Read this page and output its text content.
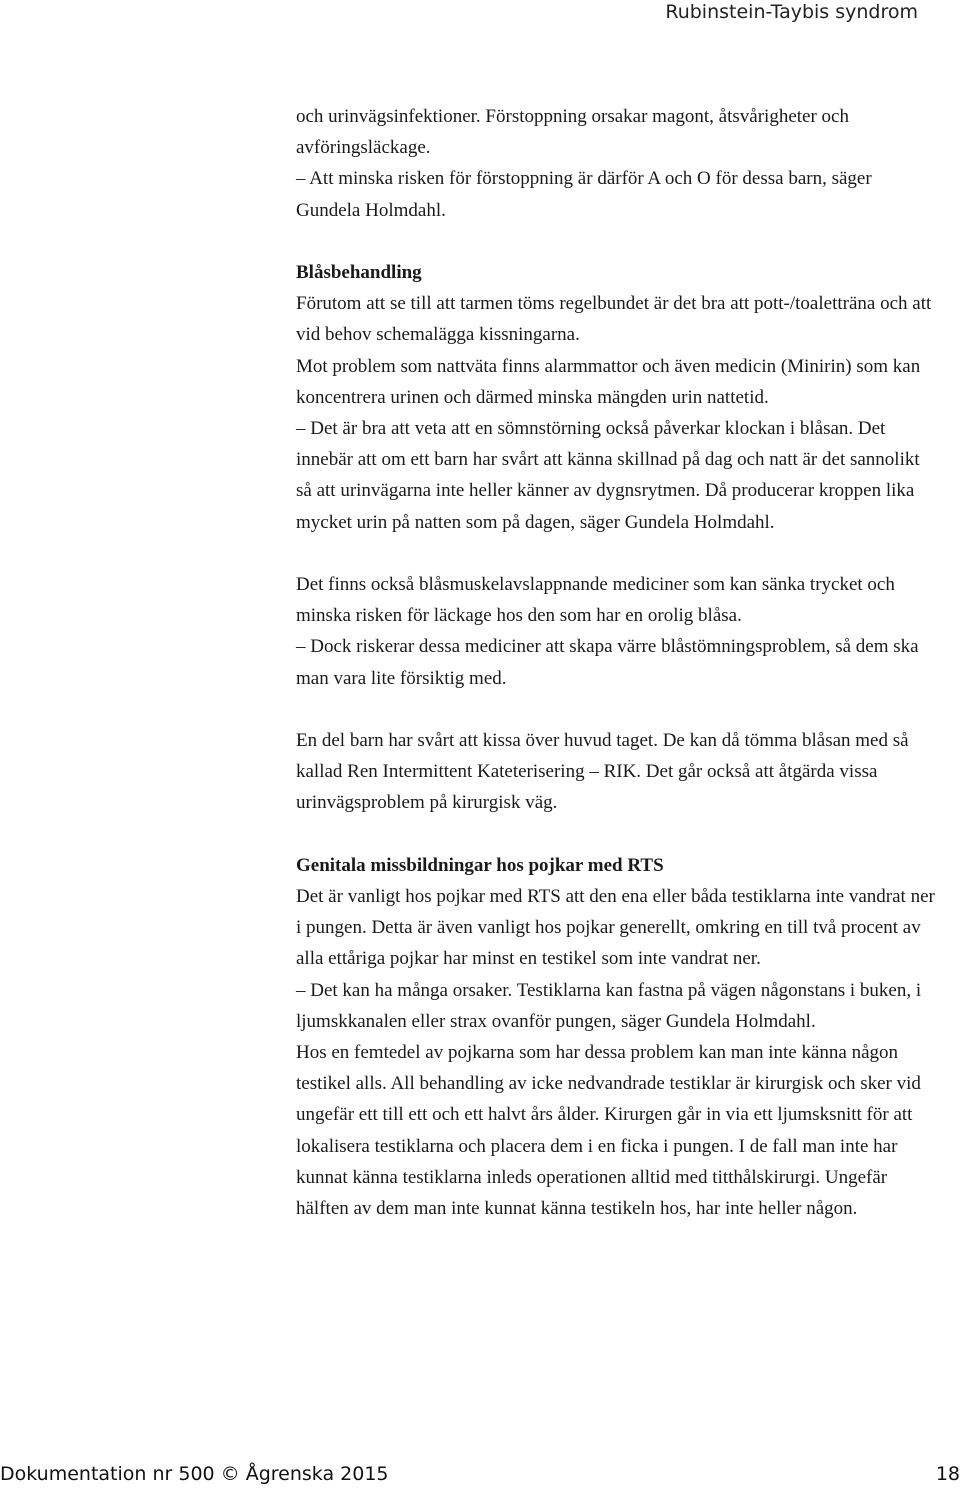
Rubinstein-Taybis syndrom

och urinvägsinfektioner. Förstoppning orsakar magont, åtsvårigheter och avföringsläckage.

– Att minska risken för förstoppning är därför A och O för dessa barn, säger Gundela Holmdahl.

Blåsbehandling

Förutom att se till att tarmen töms regelbundet är det bra att pott-/toaletträna och att vid behov schemalägga kissningarna.

Mot problem som nattväta finns alarmmattor och även medicin (Minirin) som kan koncentrera urinen och därmed minska mängden urin nattetid.

– Det är bra att veta att en sömnstörning också påverkar klockan i blåsan. Det innebär att om ett barn har svårt att känna skillnad på dag och natt är det sannolikt så att urinvägarna inte heller känner av dygnsrytmen. Då producerar kroppen lika mycket urin på natten som på dagen, säger Gundela Holmdahl.

Det finns också blåsmuskelavslappnande mediciner som kan sänka trycket och minska risken för läckage hos den som har en orolig blåsa.

– Dock riskerar dessa mediciner att skapa värre blåstömningsproblem, så dem ska man vara lite försiktig med.

En del barn har svårt att kissa över huvud taget. De kan då tömma blåsan med så kallad Ren Intermittent Kateterisering – RIK. Det går också att åtgärda vissa urinvägsproblem på kirurgisk väg.

Genitala missbildningar hos pojkar med RTS

Det är vanligt hos pojkar med RTS att den ena eller båda testiklarna inte vandrat ner i pungen. Detta är även vanligt hos pojkar generellt, omkring en till två procent av alla ettåriga pojkar har minst en testikel som inte vandrat ner.

– Det kan ha många orsaker. Testiklarna kan fastna på vägen någonstans i buken, i ljumskkanalen eller strax ovanför pungen, säger Gundela Holmdahl.

Hos en femtedel av pojkarna som har dessa problem kan man inte känna någon testikel alls. All behandling av icke nedvandrade testiklar är kirurgisk och sker vid ungefär ett till ett och ett halvt års ålder. Kirurgen går in via ett ljumsksnitt för att lokalisera testiklarna och placera dem i en ficka i pungen. I de fall man inte har kunnat känna testiklarna inleds operationen alltid med titthålskirurgi. Ungefär hälften av dem man inte kunnat känna testikeln hos, har inte heller någon.

Dokumentation nr 500 © Ågrenska 2015	18
